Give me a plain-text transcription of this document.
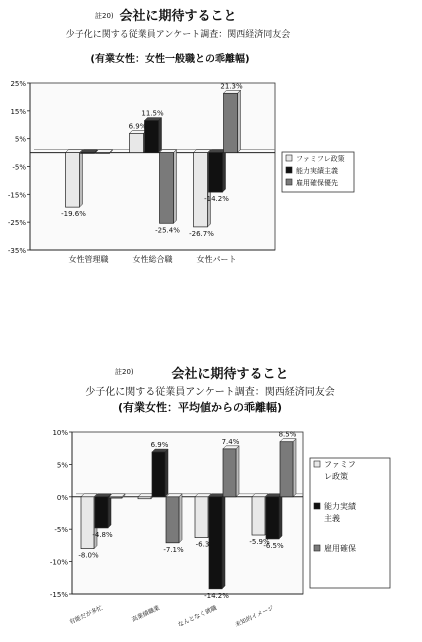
註20) 会社に期待すること
少子化に関する従業員アンケート調査：関西経済同友会
(有業女性：女性一般職との乖離幅)
25%
15%
5%
-5%
-15%
-25%
-35%
-19.6%
6.9%
11.5%
-25.4% -26.7%
-14.2%
21.3%
女性管理職	女性総合職	女性パート
ファミフレ政策
能力実績主義
雇用確保優先
註20)	会社に期待すること
少子化に関する従業員アンケート調査：関西経済同友会
(有業女性：平均値からの乖離幅)
10%
5%
0%
-5%
-10%
-15%
-8.0%
-4.8%
6.9%
-7.1%
-6.3
-14.2%
7.4%
-5.9%
-6.5%
8.5%
有能だが多忙	高業績職業	なんとなく就職	未知的イメージ
ファミフレ政策
能力実績主義
雇用確保
